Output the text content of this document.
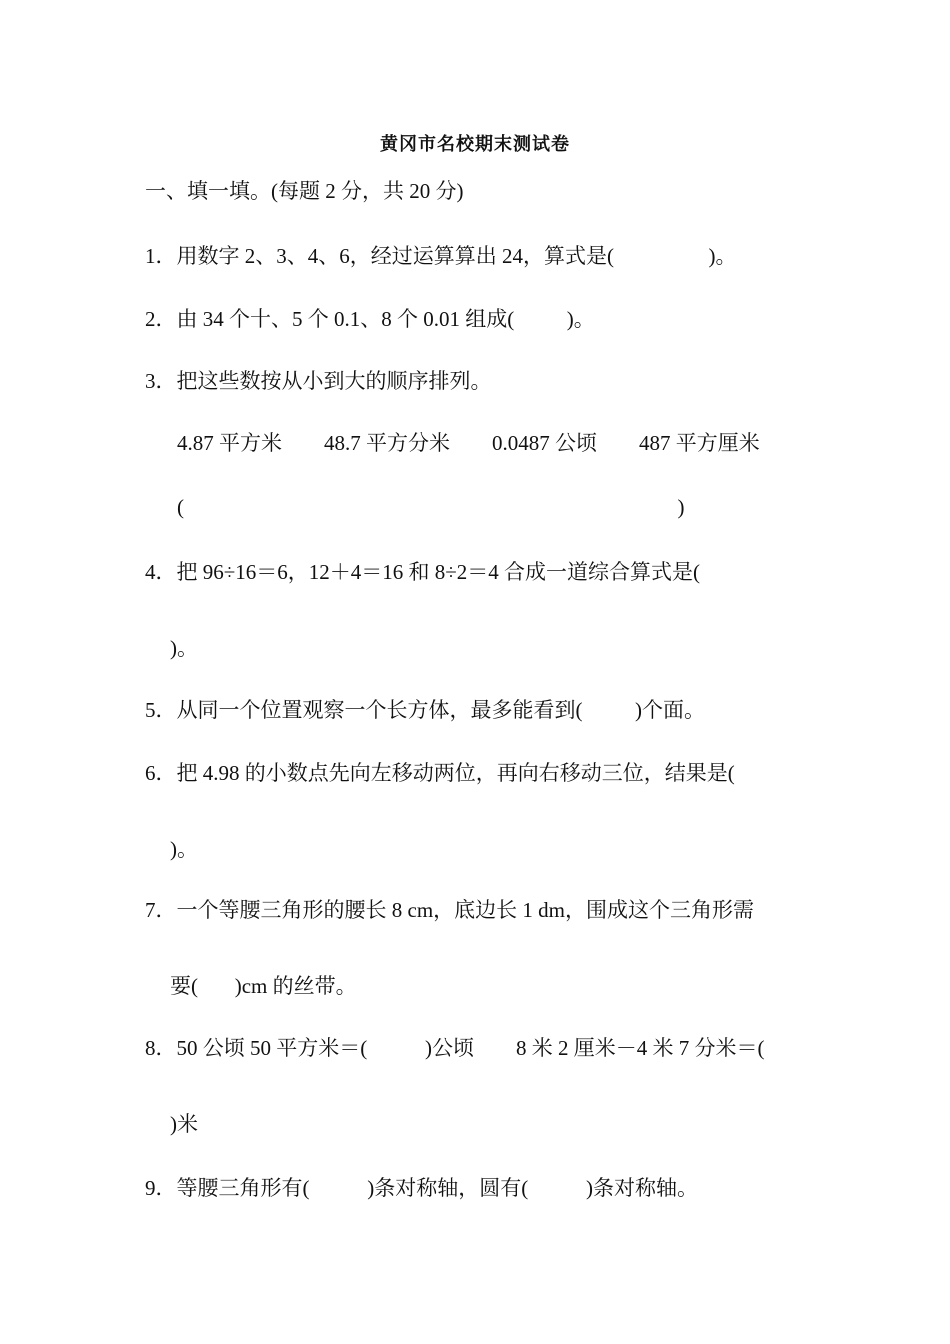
黄冈市名校期末测试卷
一、填一填。(每题 2 分，共 20 分)
1．用数字 2、3、4、6，经过运算算出 24，算式是(                  )。
2．由 34 个十、5 个 0.1、8 个 0.01 组成(          )。
3．把这些数按从小到大的顺序排列。
4.87 平方米        48.7 平方分米        0.0487 公顷        487 平方厘米
(                                                                                              )
4．把 96÷16＝6，12＋4＝16 和 8÷2＝4 合成一道综合算式是(
)。
5．从同一个位置观察一个长方体，最多能看到(          )个面。
6．把 4.98 的小数点先向左移动两位，再向右移动三位，结果是(
)。
7．一个等腰三角形的腰长 8 cm，底边长 1 dm，围成这个三角形需
要(       )cm 的丝带。
8．50 公顷 50 平方米＝(           )公顷        8 米 2 厘米－4 米 7 分米＝(
)米
9．等腰三角形有(           )条对称轴，圆有(           )条对称轴。
